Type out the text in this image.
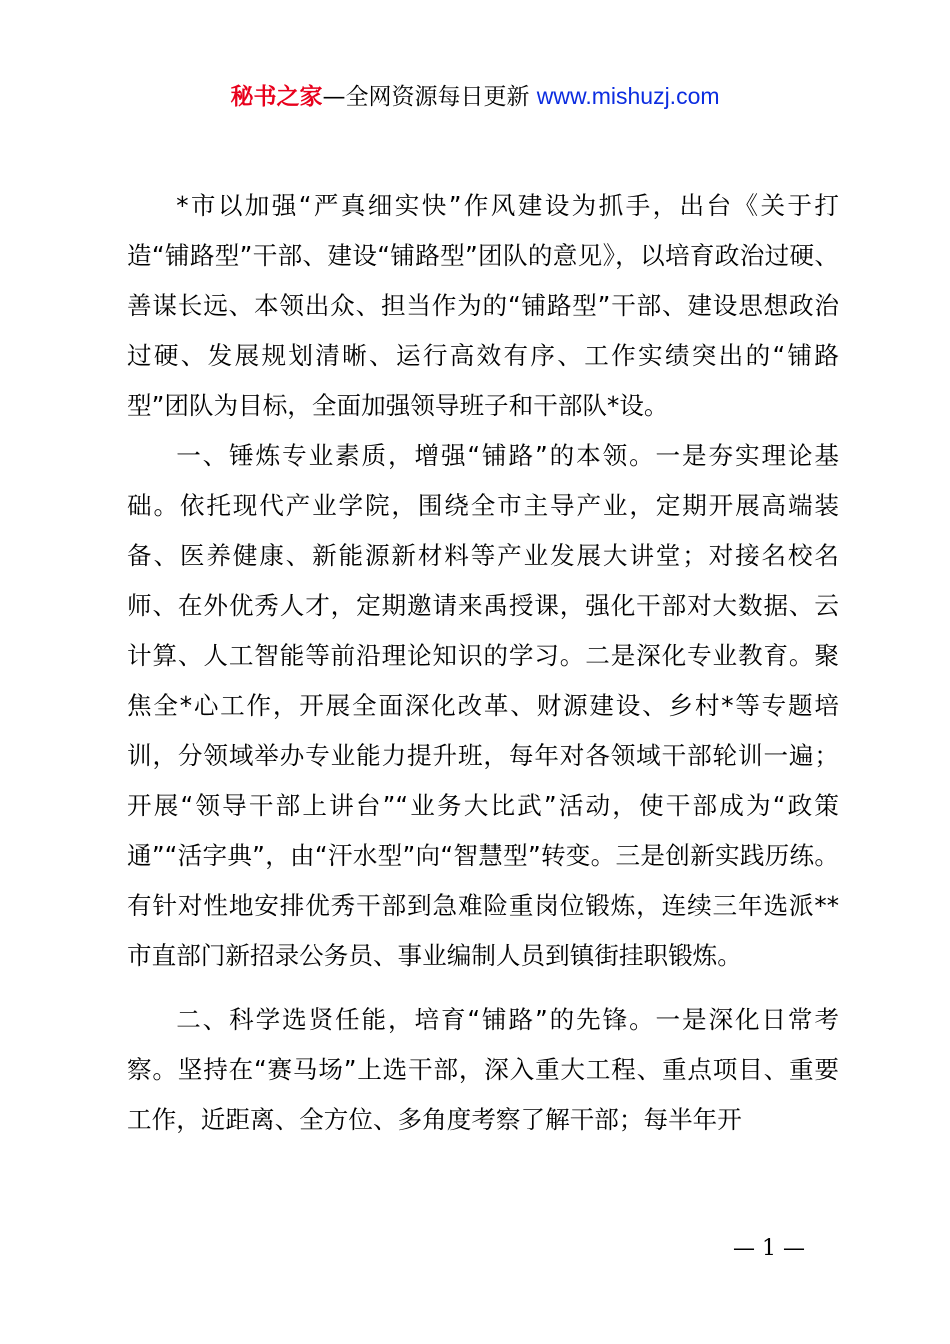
秘书之家—全网资源每日更新 www.mishuzj.com

*市以加强“严真细实快”作风建设为抓手，出台《关于打造“铺路型”干部、建设“铺路型”团队的意见》，以培育政治过硬、善谋长远、本领出众、担当作为的“铺路型”干部、建设思想政治过硬、发展规划清晰、运行高效有序、工作实绩突出的“铺路型”团队为目标，全面加强领导班子和干部队*设。

一、锤炼专业素质，增强“铺路”的本领。一是夯实理论基础。依托现代产业学院，围绕全市主导产业，定期开展高端装备、医养健康、新能源新材料等产业发展大讲堂；对接名校名师、在外优秀人才，定期邀请来禹授课，强化干部对大数据、云计算、人工智能等前沿理论知识的学习。二是深化专业教育。聚焦全*心工作，开展全面深化改革、财源建设、乡村*等专题培训，分领域举办专业能力提升班，每年对各领域干部轮训一遍；开展“领导干部上讲台”“业务大比武”活动，使干部成为“政策通”“活字典”，由“汗水型”向“智慧型”转变。三是创新实践历练。有针对性地安排优秀干部到急难险重岗位锻炼，连续三年选派**市直部门新招录公务员、事业编制人员到镇街挂职锻炼。

二、科学选贤任能，培育“铺路”的先锋。一是深化日常考察。坚持在“赛马场”上选干部，深入重大工程、重点项目、重要工作，近距离、全方位、多角度考察了解干部；每半年开

— 1 —
